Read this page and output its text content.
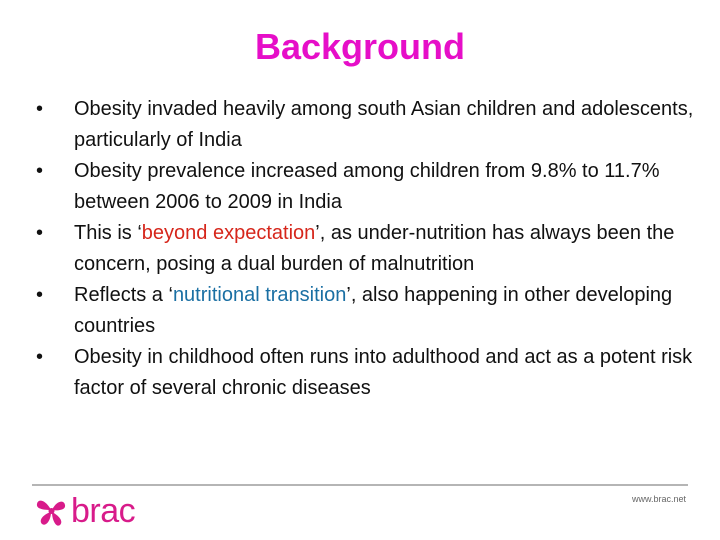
Background
•	Obesity invaded heavily among south Asian children and adolescents, particularly of India
•	Obesity prevalence increased among children from 9.8% to 11.7% between 2006 to 2009 in India
•	This is ‘beyond expectation’, as under-nutrition has always been the concern, posing a dual burden of malnutrition
•	Reflects a ‘nutritional transition’, also happening in other developing countries
•	Obesity in childhood often runs into adulthood and act as a potent risk factor of several chronic diseases
brac	www.brac.net
